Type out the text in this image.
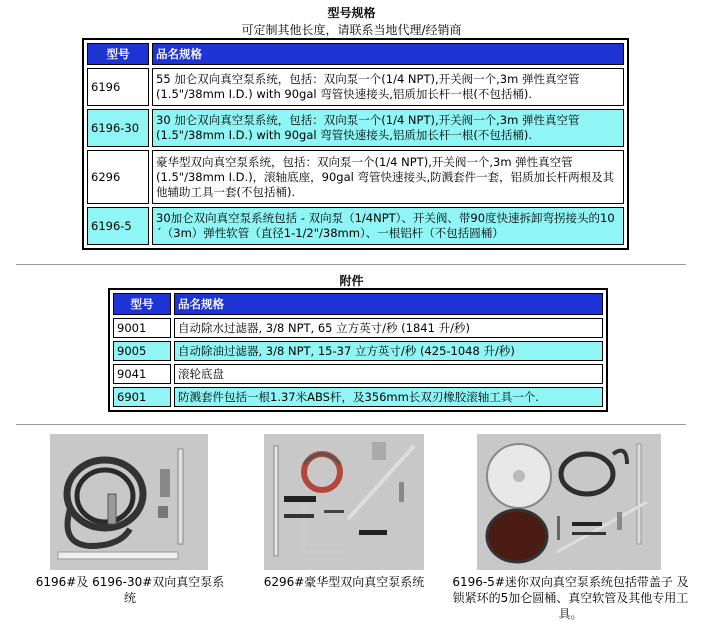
型号规格
可定制其他长度，请联系当地代理/经销商
型号	品名规格
6196	55 加仑双向真空泵系统，包括：双向泵一个(1/4 NPT),开关阀一个,3m 弹性真空管(1.5"/38mm I.D.) with 90gal 弯管快速接头,铝质加长杆一根(不包括桶).
6196-30	30 加仑双向真空泵系统，包括：双向泵一个(1/4 NPT),开关阀一个,3m 弹性真空管(1.5"/38mm I.D.) with 90gal 弯管快速接头,铝质加长杆一根(不包括桶).
6296	豪华型双向真空泵系统，包括：双向泵一个(1/4 NPT),开关阀一个,3m 弹性真空管(1.5"/38mm I.D.)，滚轴底座，90gal 弯管快速接头,防溅套件一套，铝质加长杆两根及其他辅助工具一套(不包括桶).
6196-5	30加仑双向真空泵系统包括 - 双向泵（1/4NPT）、开关阀、带90度快速拆卸弯拐接头的10´（3m）弹性软管（直径1-1/2"/38mm）、一根铝杆（不包括圆桶）
附件
型号	品名规格
9001	自动除水过滤器, 3/8 NPT, 65 立方英寸/秒 (1841 升/秒)
9005	自动除油过滤器, 3/8 NPT, 15-37 立方英寸/秒 (425-1048 升/秒)
9041	滚轮底盘
6901	防溅套件包括一根1.37米ABS杆，及356mm长双刃橡胶滚轴工具一个.
6196#及 6196-30#双向真空泵系统
6296#豪华型双向真空泵系统	6196-5#迷你双向真空泵系统包括带盖子 及锁紧环的5加仑圆桶、真空软管及其他专用工具。
